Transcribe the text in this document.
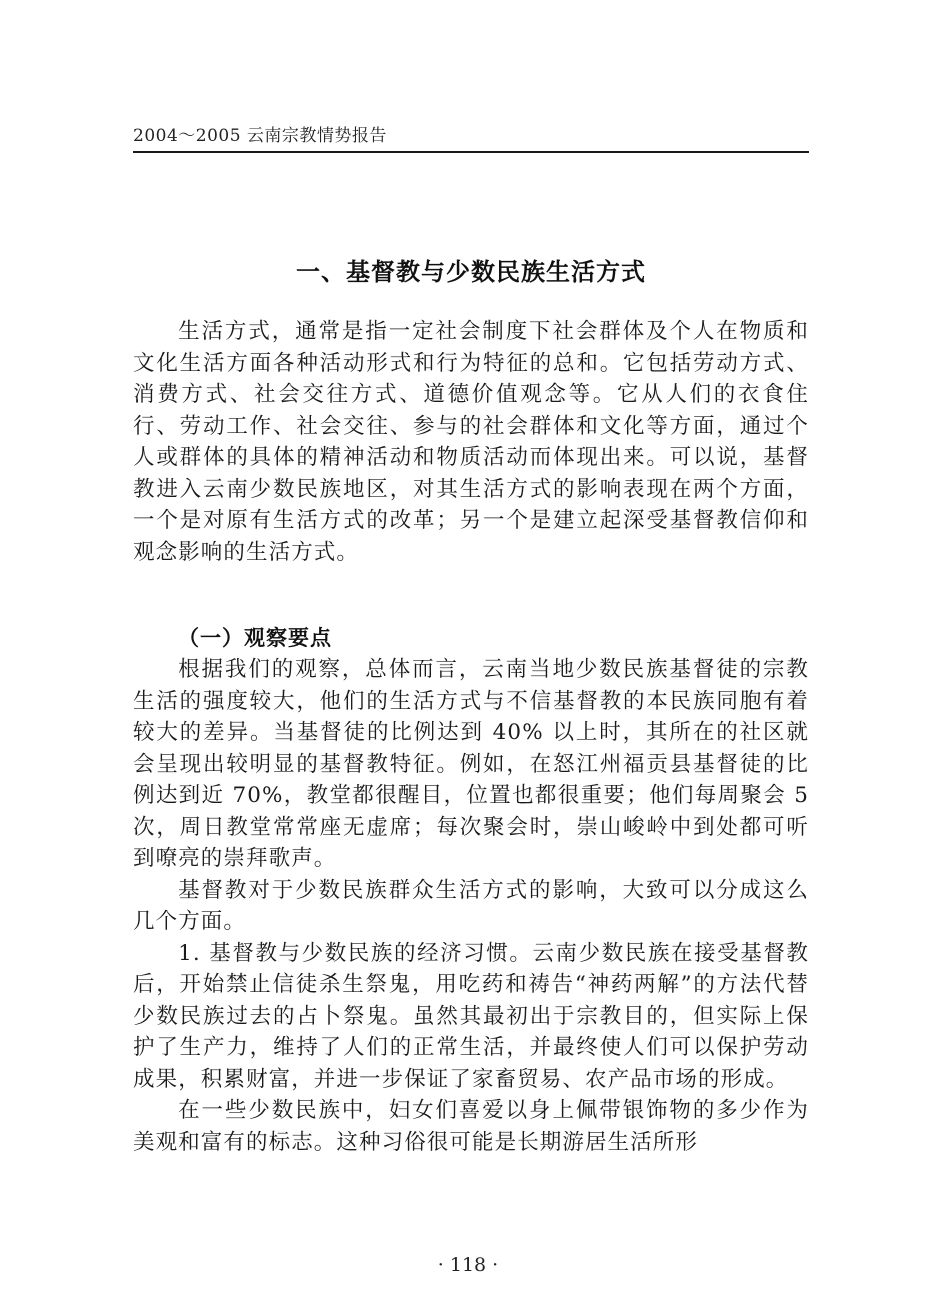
2004～2005 云南宗教情势报告
一、基督教与少数民族生活方式

生活方式，通常是指一定社会制度下社会群体及个人在物质和文化生活方面各种活动形式和行为特征的总和。它包括劳动方式、消费方式、社会交往方式、道德价值观念等。它从人们的衣食住行、劳动工作、社会交往、参与的社会群体和文化等方面，通过个人或群体的具体的精神活动和物质活动而体现出来。可以说，基督教进入云南少数民族地区，对其生活方式的影响表现在两个方面，一个是对原有生活方式的改革；另一个是建立起深受基督教信仰和观念影响的生活方式。

（一）观察要点

根据我们的观察，总体而言，云南当地少数民族基督徒的宗教生活的强度较大，他们的生活方式与不信基督教的本民族同胞有着较大的差异。当基督徒的比例达到 40% 以上时，其所在的社区就会呈现出较明显的基督教特征。例如，在怒江州福贡县基督徒的比例达到近 70%，教堂都很醒目，位置也都很重要；他们每周聚会 5 次，周日教堂常常座无虚席；每次聚会时，崇山峻岭中到处都可听到嘹亮的崇拜歌声。

基督教对于少数民族群众生活方式的影响，大致可以分成这么几个方面。

1. 基督教与少数民族的经济习惯。云南少数民族在接受基督教后，开始禁止信徒杀生祭鬼，用吃药和祷告“神药两解”的方法代替少数民族过去的占卜祭鬼。虽然其最初出于宗教目的，但实际上保护了生产力，维持了人们的正常生活，并最终使人们可以保护劳动成果，积累财富，并进一步保证了家畜贸易、农产品市场的形成。

在一些少数民族中，妇女们喜爱以身上佩带银饰物的多少作为美观和富有的标志。这种习俗很可能是长期游居生活所形

· 118 ·
